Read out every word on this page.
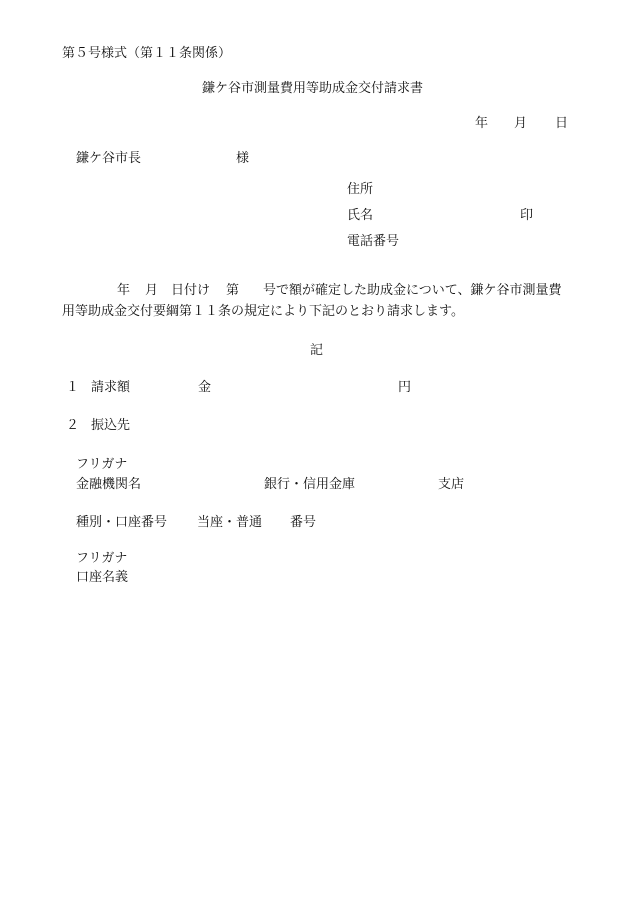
第５号様式（第１１条関係）
鎌ケ谷市測量費用等助成金交付請求書
年 月 日
鎌ケ谷市長	様
住所
氏名	印
電話番号
年 月 日付け 第 号で額が確定した助成金について、鎌ケ谷市測量費
用等助成金交付要綱第１１条の規定により下記のとおり請求します。
記
１ 請求額	金	円
２ 振込先
フリガナ
金融機関名	銀行・信用金庫	支店
種別・口座番号 当座・普通 番号
フリガナ
口座名義
